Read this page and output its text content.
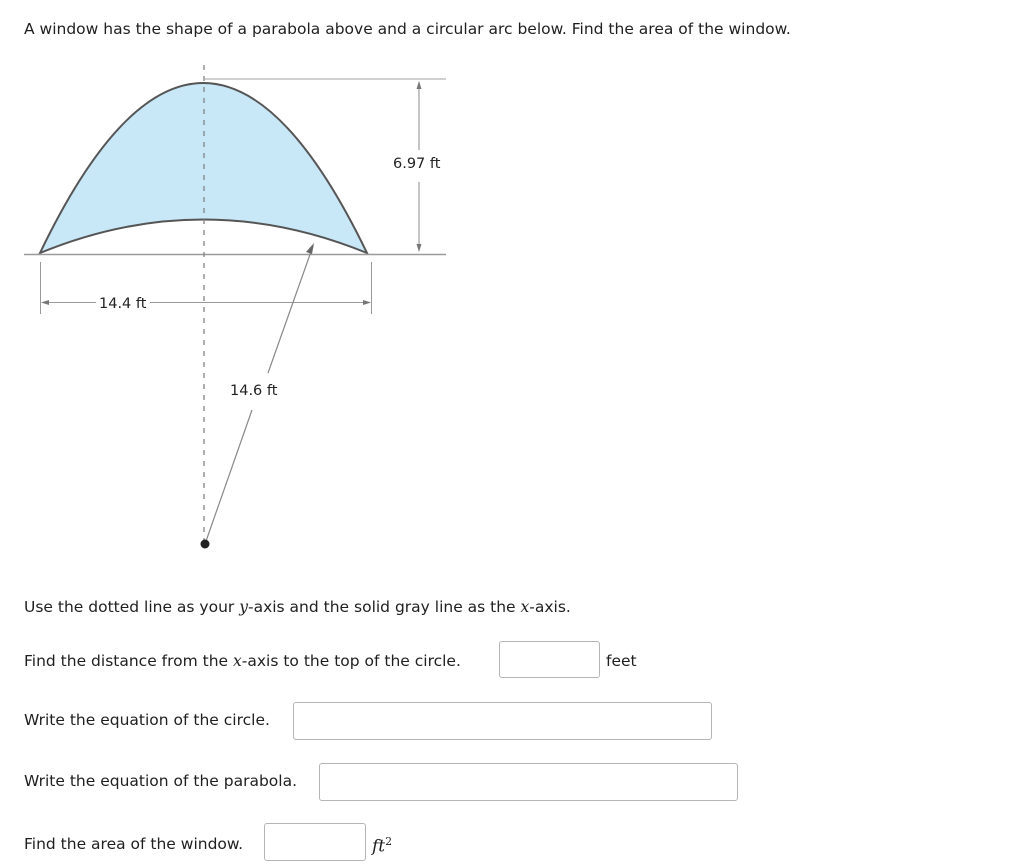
A window has the shape of a parabola above and a circular arc below. Find the area of the window.
6.97 ft
14.4 ft
14.6 ft
Use the dotted line as your y-axis and the solid gray line as the x-axis.
Find the distance from the x-axis to the top of the circle.	feet
Write the equation of the circle.
Write the equation of the parabola.
Find the area of the window.	$ft^2$
